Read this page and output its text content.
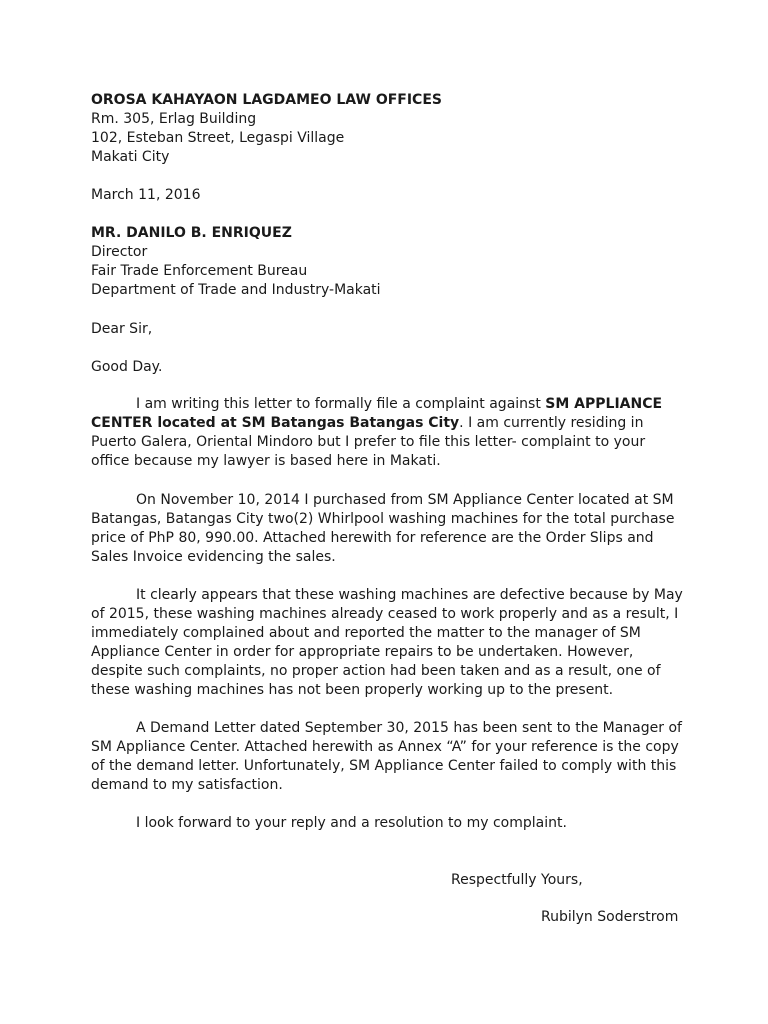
OROSA KAHAYAON LAGDAMEO LAW OFFICES
Rm. 305, Erlag Building
102, Esteban Street, Legaspi Village
Makati City
March 11, 2016
MR. DANILO B. ENRIQUEZ
Director
Fair Trade Enforcement Bureau
Department of Trade and Industry-Makati
Dear Sir,
Good Day.
I am writing this letter to formally file a complaint against SM APPLIANCE
CENTER located at SM Batangas Batangas City. I am currently residing in
Puerto Galera, Oriental Mindoro but I prefer to file this letter- complaint to your
office because my lawyer is based here in Makati.
On November 10, 2014 I purchased from SM Appliance Center located at SM
Batangas, Batangas City two(2) Whirlpool washing machines for the total purchase
price of PhP 80, 990.00. Attached herewith for reference are the Order Slips and
Sales Invoice evidencing the sales.
It clearly appears that these washing machines are defective because by May
of 2015, these washing machines already ceased to work properly and as a result, I
immediately complained about and reported the matter to the manager of SM
Appliance Center in order for appropriate repairs to be undertaken. However,
despite such complaints, no proper action had been taken and as a result, one of
these washing machines has not been properly working up to the present.
A Demand Letter dated September 30, 2015 has been sent to the Manager of
SM Appliance Center. Attached herewith as Annex “A” for your reference is the copy
of the demand letter. Unfortunately, SM Appliance Center failed to comply with this
demand to my satisfaction.
I look forward to your reply and a resolution to my complaint.
Respectfully Yours,
Rubilyn Soderstrom
